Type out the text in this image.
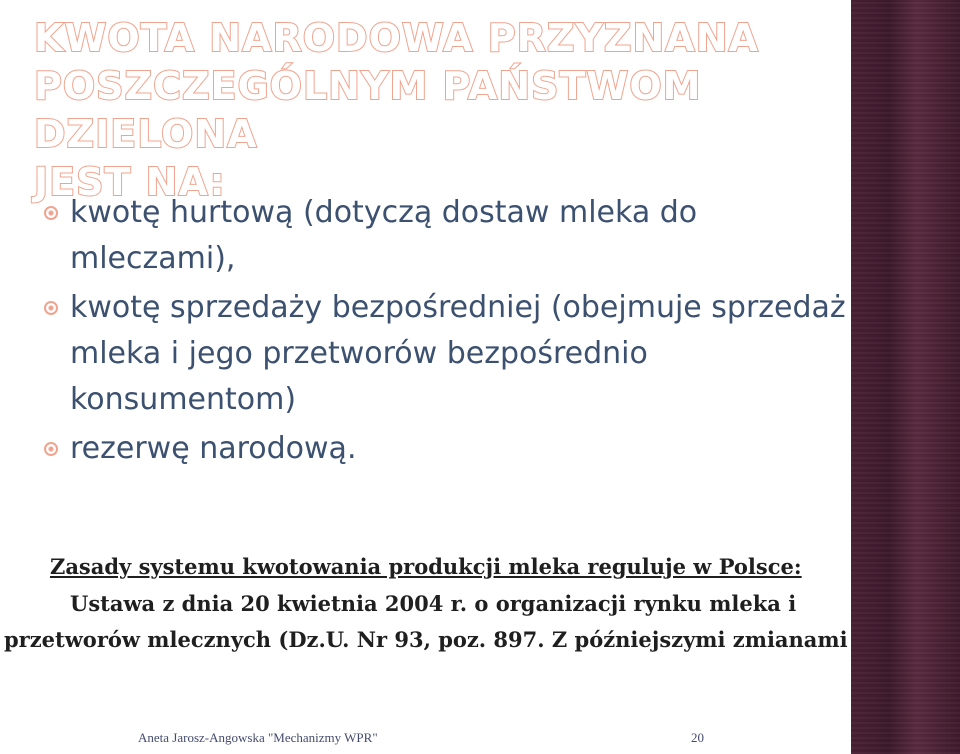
KWOTA NARODOWA PRZYZNANA
POSZCZEGÓLNYM PAŃSTWOM DZIELONA
JEST NA:
kwotę hurtową (dotyczą dostaw mleka do mleczami),
kwotę sprzedaży bezpośredniej (obejmuje sprzedaż mleka i jego przetworów bezpośrednio konsumentom)
rezerwę narodową.

Zasady systemu kwotowania produkcji mleka reguluje w Polsce:

Ustawa z dnia 20 kwietnia 2004 r. o organizacji rynku mleka i

przetworów mlecznych (Dz.U. Nr 93, poz. 897. Z późniejszymi zmianami

Aneta Jarosz-Angowska "Mechanizmy WPR"	20
